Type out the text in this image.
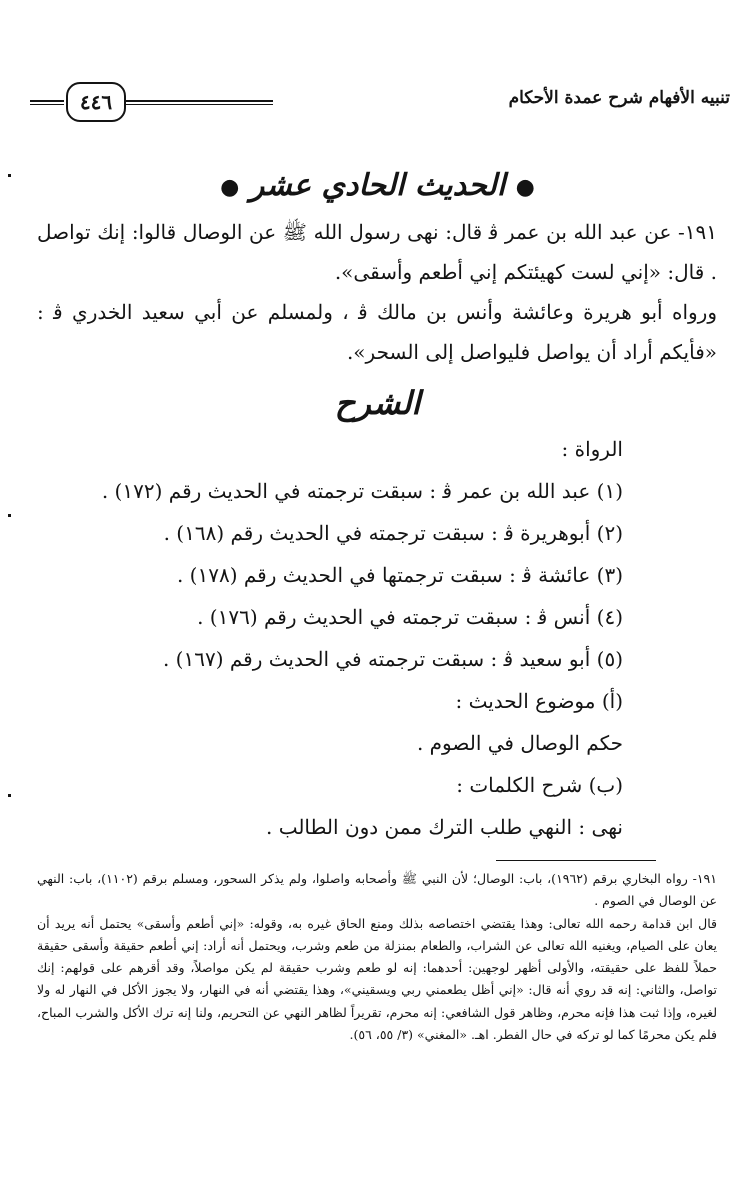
٤٤٦	تنبيه الأفهام شرح عمدة الأحكام
● الحديث الحادي عشر ●
١٩١- عن عبد الله بن عمر ﭬ قال: نهى رسول الله ﷺ عن الوصال قالوا: إنك تواصل . قال: «إني لست كهيئتكم إني أطعم وأسقى».
ورواه أبو هريرة وعائشة وأنس بن مالك ﭬ ، ولمسلم عن أبي سعيد الخدري ﭬ : «فأيكم أراد أن يواصل فليواصل إلى السحر».
الشرح
الرواة :
(١) عبد الله بن عمر ﭬ : سبقت ترجمته في الحديث رقم (١٧٢) .
(٢) أبوهريرة ﭬ : سبقت ترجمته في الحديث رقم (١٦٨) .
(٣) عائشة ﭬ : سبقت ترجمتها في الحديث رقم (١٧٨) .
(٤) أنس ﭬ : سبقت ترجمته في الحديث رقم (١٧٦) .
(٥) أبو سعيد ﭬ : سبقت ترجمته في الحديث رقم (١٦٧) .
(أ) موضوع الحديث :
حكم الوصال في الصوم .
(ب) شرح الكلمات :
نهى : النهي طلب الترك ممن دون الطالب .

١٩١- رواه البخاري برقم (١٩٦٢)، باب: الوصال؛ لأن النبي ﷺ وأصحابه واصلوا، ولم يذكر السحور، ومسلم برقم (١١٠٢)، باب: النهي عن الوصال في الصوم .

قال ابن قدامة رحمه الله تعالى: وهذا يقتضي اختصاصه بذلك ومنع الحاق غيره به، وقوله: «إني أطعم وأسقى» يحتمل أنه يريد أن يعان على الصيام، ويغنيه الله تعالى عن الشراب، والطعام بمنزلة من طعم وشرب، ويحتمل أنه أراد: إني أطعم حقيقة وأسقى حقيقة حملاً للفظ على حقيقته، والأولى أظهر لوجهين: أحدهما: إنه لو طعم وشرب حقيقة لم يكن مواصلاً، وقد أقرهم على قولهم: إنك تواصل، والثاني: إنه قد روي أنه قال: «إني أظل يطعمني ربي ويسقيني»، وهذا يقتضي أنه في النهار، ولا يجوز الأكل في النهار له ولا لغيره، وإذا ثبت هذا فإنه محرم، وظاهر قول الشافعي: إنه محرم، تقريراً لظاهر النهي عن التحريم، ولنا إنه ترك الأكل والشرب المباح، فلم يكن محرمًا كما لو تركه في حال الفطر. اهـ. «المغني» (٣/ ٥٥، ٥٦).
